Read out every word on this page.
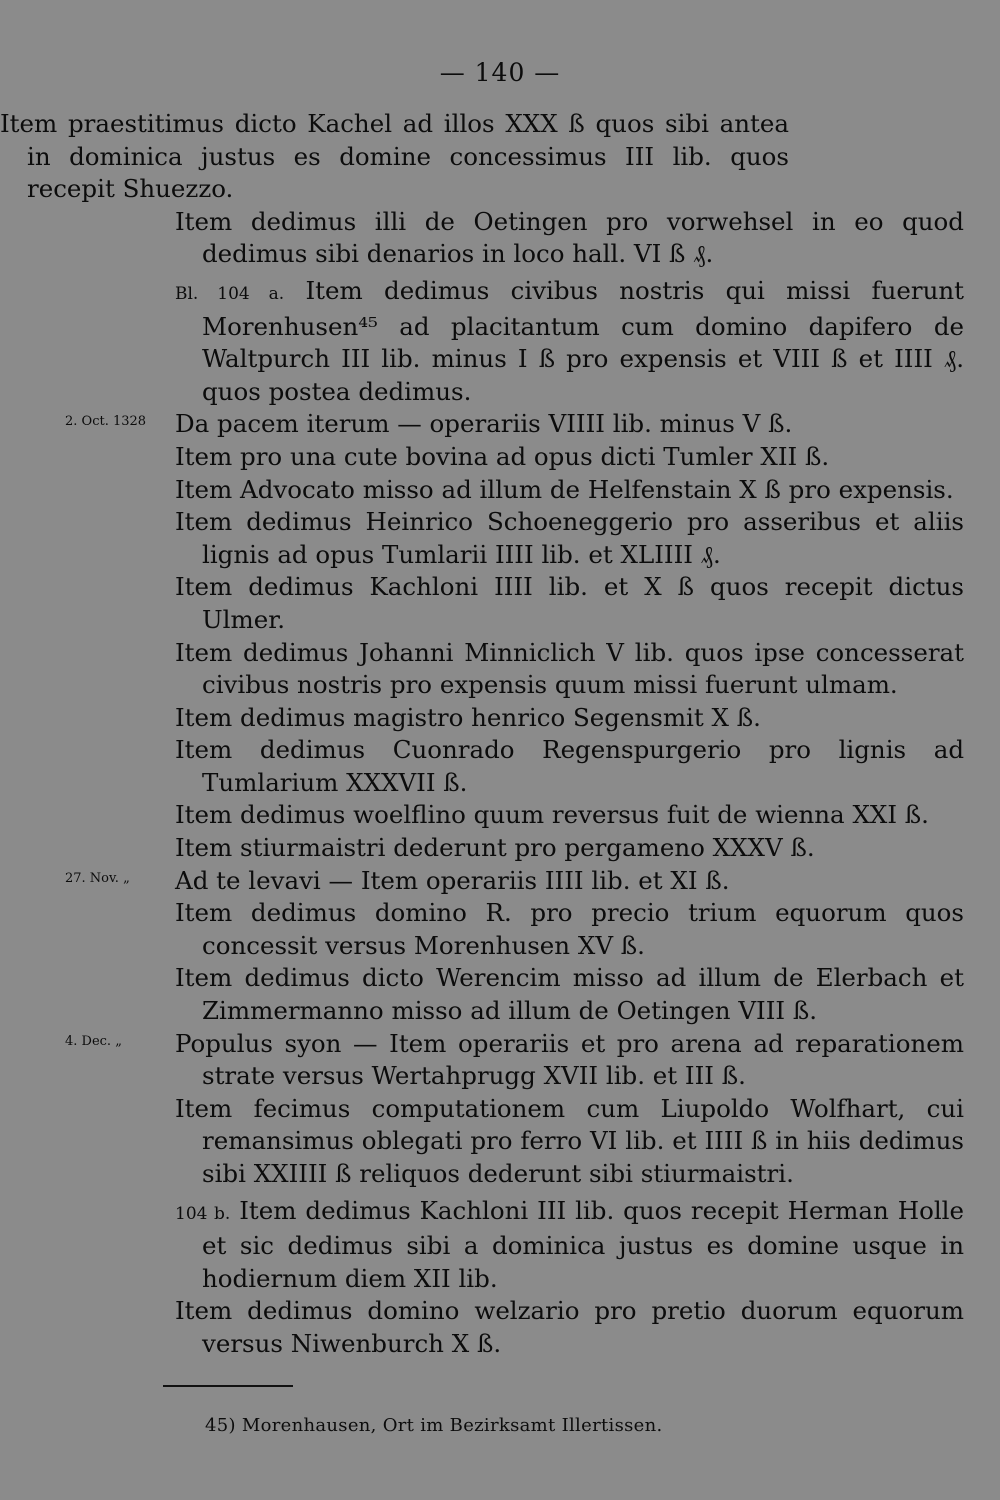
— 140 —

Item praestitimus dicto Kachel ad illos XXX ß quos sibi antea in dominica justus es domine concessimus III lib. quos recepit Shuezzo.

Item dedimus illi de Oetingen pro vorwehsel in eo quod dedimus sibi denarios in loco hall. VI ß ₰.

Bl. 104 a. Item dedimus civibus nostris qui missi fuerunt Morenhusen⁴⁵ ad placitantum cum domino dapifero de Waltpurch III lib. minus I ß pro expensis et VIII ß et IIII ₰. quos postea dedimus.

2. Oct. 1328	Da pacem iterum — operariis VIIII lib. minus V ß.

Item pro una cute bovina ad opus dicti Tumler XII ß.

Item Advocato misso ad illum de Helfenstain X ß pro expensis.

Item dedimus Heinrico Schoeneggerio pro asseribus et aliis lignis ad opus Tumlarii IIII lib. et XLIIII ₰.

Item dedimus Kachloni IIII lib. et X ß quos recepit dictus Ulmer.

Item dedimus Johanni Minniclich V lib. quos ipse concesserat civibus nostris pro expensis quum missi fuerunt ulmam.

Item dedimus magistro henrico Segensmit X ß.

Item dedimus Cuonrado Regenspurgerio pro lignis ad Tumlarium XXXVII ß.

Item dedimus woelflino quum reversus fuit de wienna XXI ß.

Item stiurmaistri dederunt pro pergameno XXXV ß.

27. Nov. „	Ad te levavi — Item operariis IIII lib. et XI ß.

Item dedimus domino R. pro precio trium equorum quos concessit versus Morenhusen XV ß.

Item dedimus dicto Werencim misso ad illum de Elerbach et Zimmermanno misso ad illum de Oetingen VIII ß.

4. Dec. „	Populus syon — Item operariis et pro arena ad reparationem strate versus Wertahprugg XVII lib. et III ß.

Item fecimus computationem cum Liupoldo Wolfhart, cui remansimus oblegati pro ferro VI lib. et IIII ß in hiis dedimus sibi XXIIII ß reliquos dederunt sibi stiurmaistri.

104 b. Item dedimus Kachloni III lib. quos recepit Herman Holle et sic dedimus sibi a dominica justus es domine usque in hodiernum diem XII lib.

Item dedimus domino welzario pro pretio duorum equorum versus Niwenburch X ß.

45) Morenhausen, Ort im Bezirksamt Illertissen.
